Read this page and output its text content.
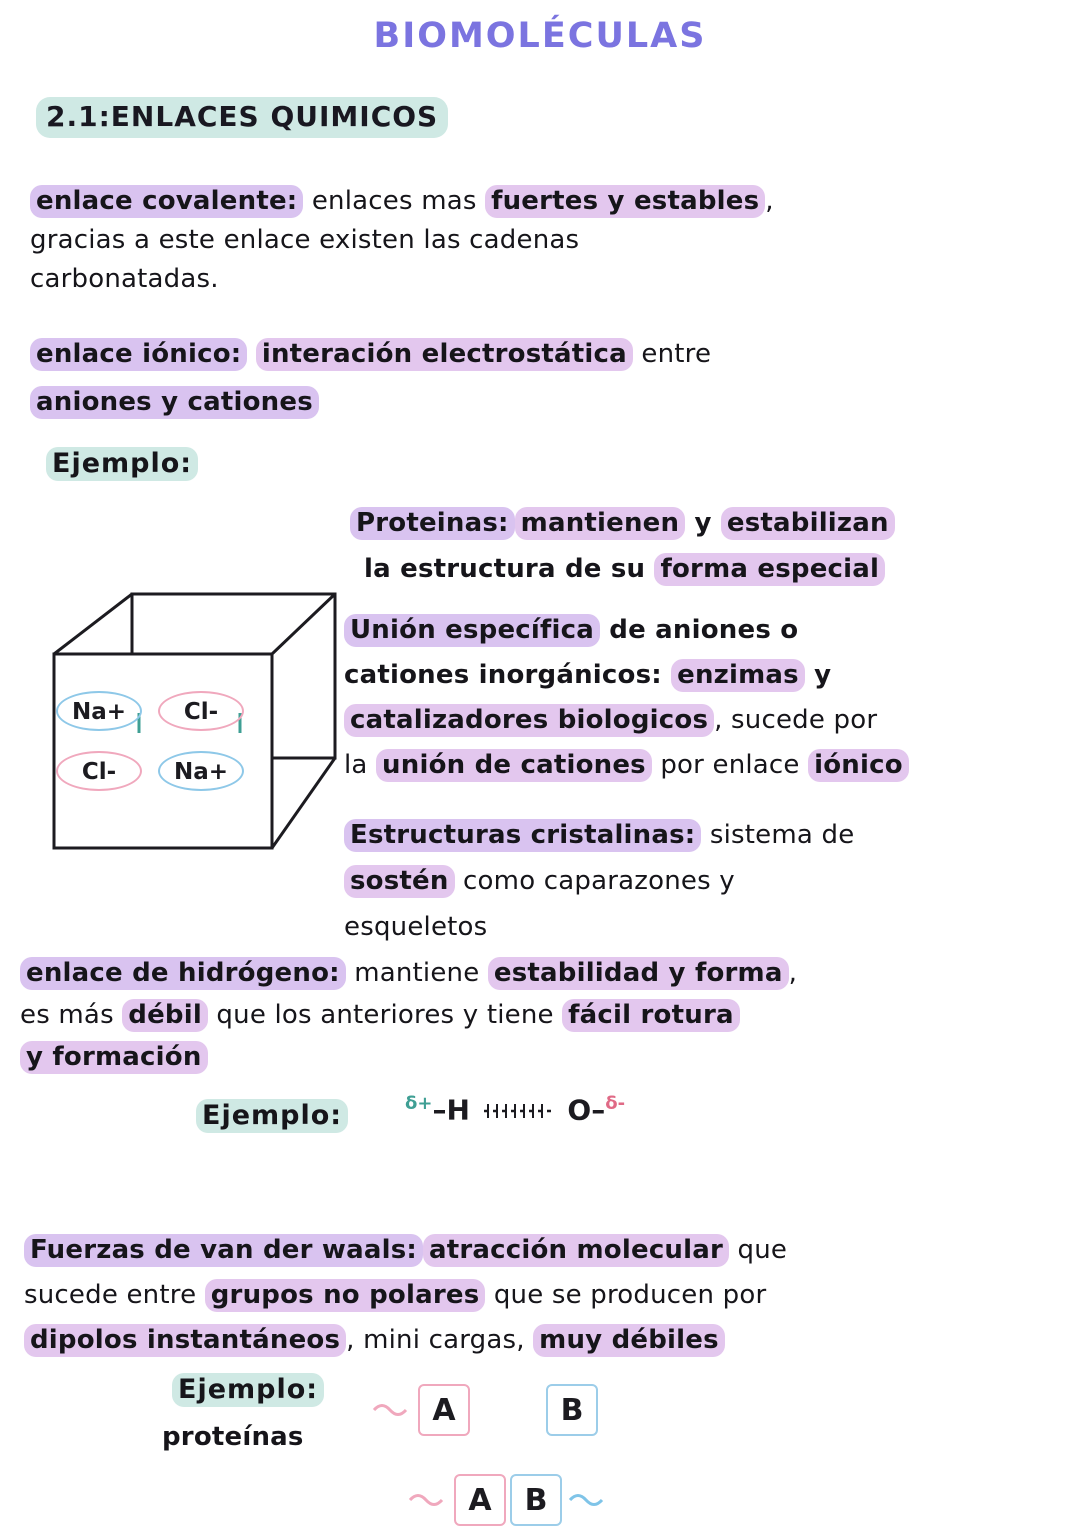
BIOMOLÉCULAS
2.1:ENLACES QUIMICOS
enlace covalente: enlaces mas fuertes y estables ,
gracias a este enlace existen las cadenas
carbonatadas.
enlace iónico: interación electrostática entre
aniones y cationes
Ejemplo:
Na+	Cl-
Cl-	Na+
Proteinas: mantienen y estabilizan
la estructura de su forma especial
Unión específica de aniones o
cationes inorgánicos: enzimas y
catalizadores biologicos , sucede por
la unión de cationes por enlace iónico
Estructuras cristalinas: sistema de
sostén como caparazones y
esqueletos
enlace de hidrógeno: mantiene estabilidad y forma ,
es más débil que los anteriores y tiene fácil rotura
y formación
Ejemplo:	$^{\delta+}$–H	O–$^{\delta-}$
Fuerzas de van der waals: atracción molecular que
sucede entre grupos no polares que se producen por
dipolos instantáneos , mini cargas, muy débiles
Ejemplo:
proteínas
A	B
A	B
